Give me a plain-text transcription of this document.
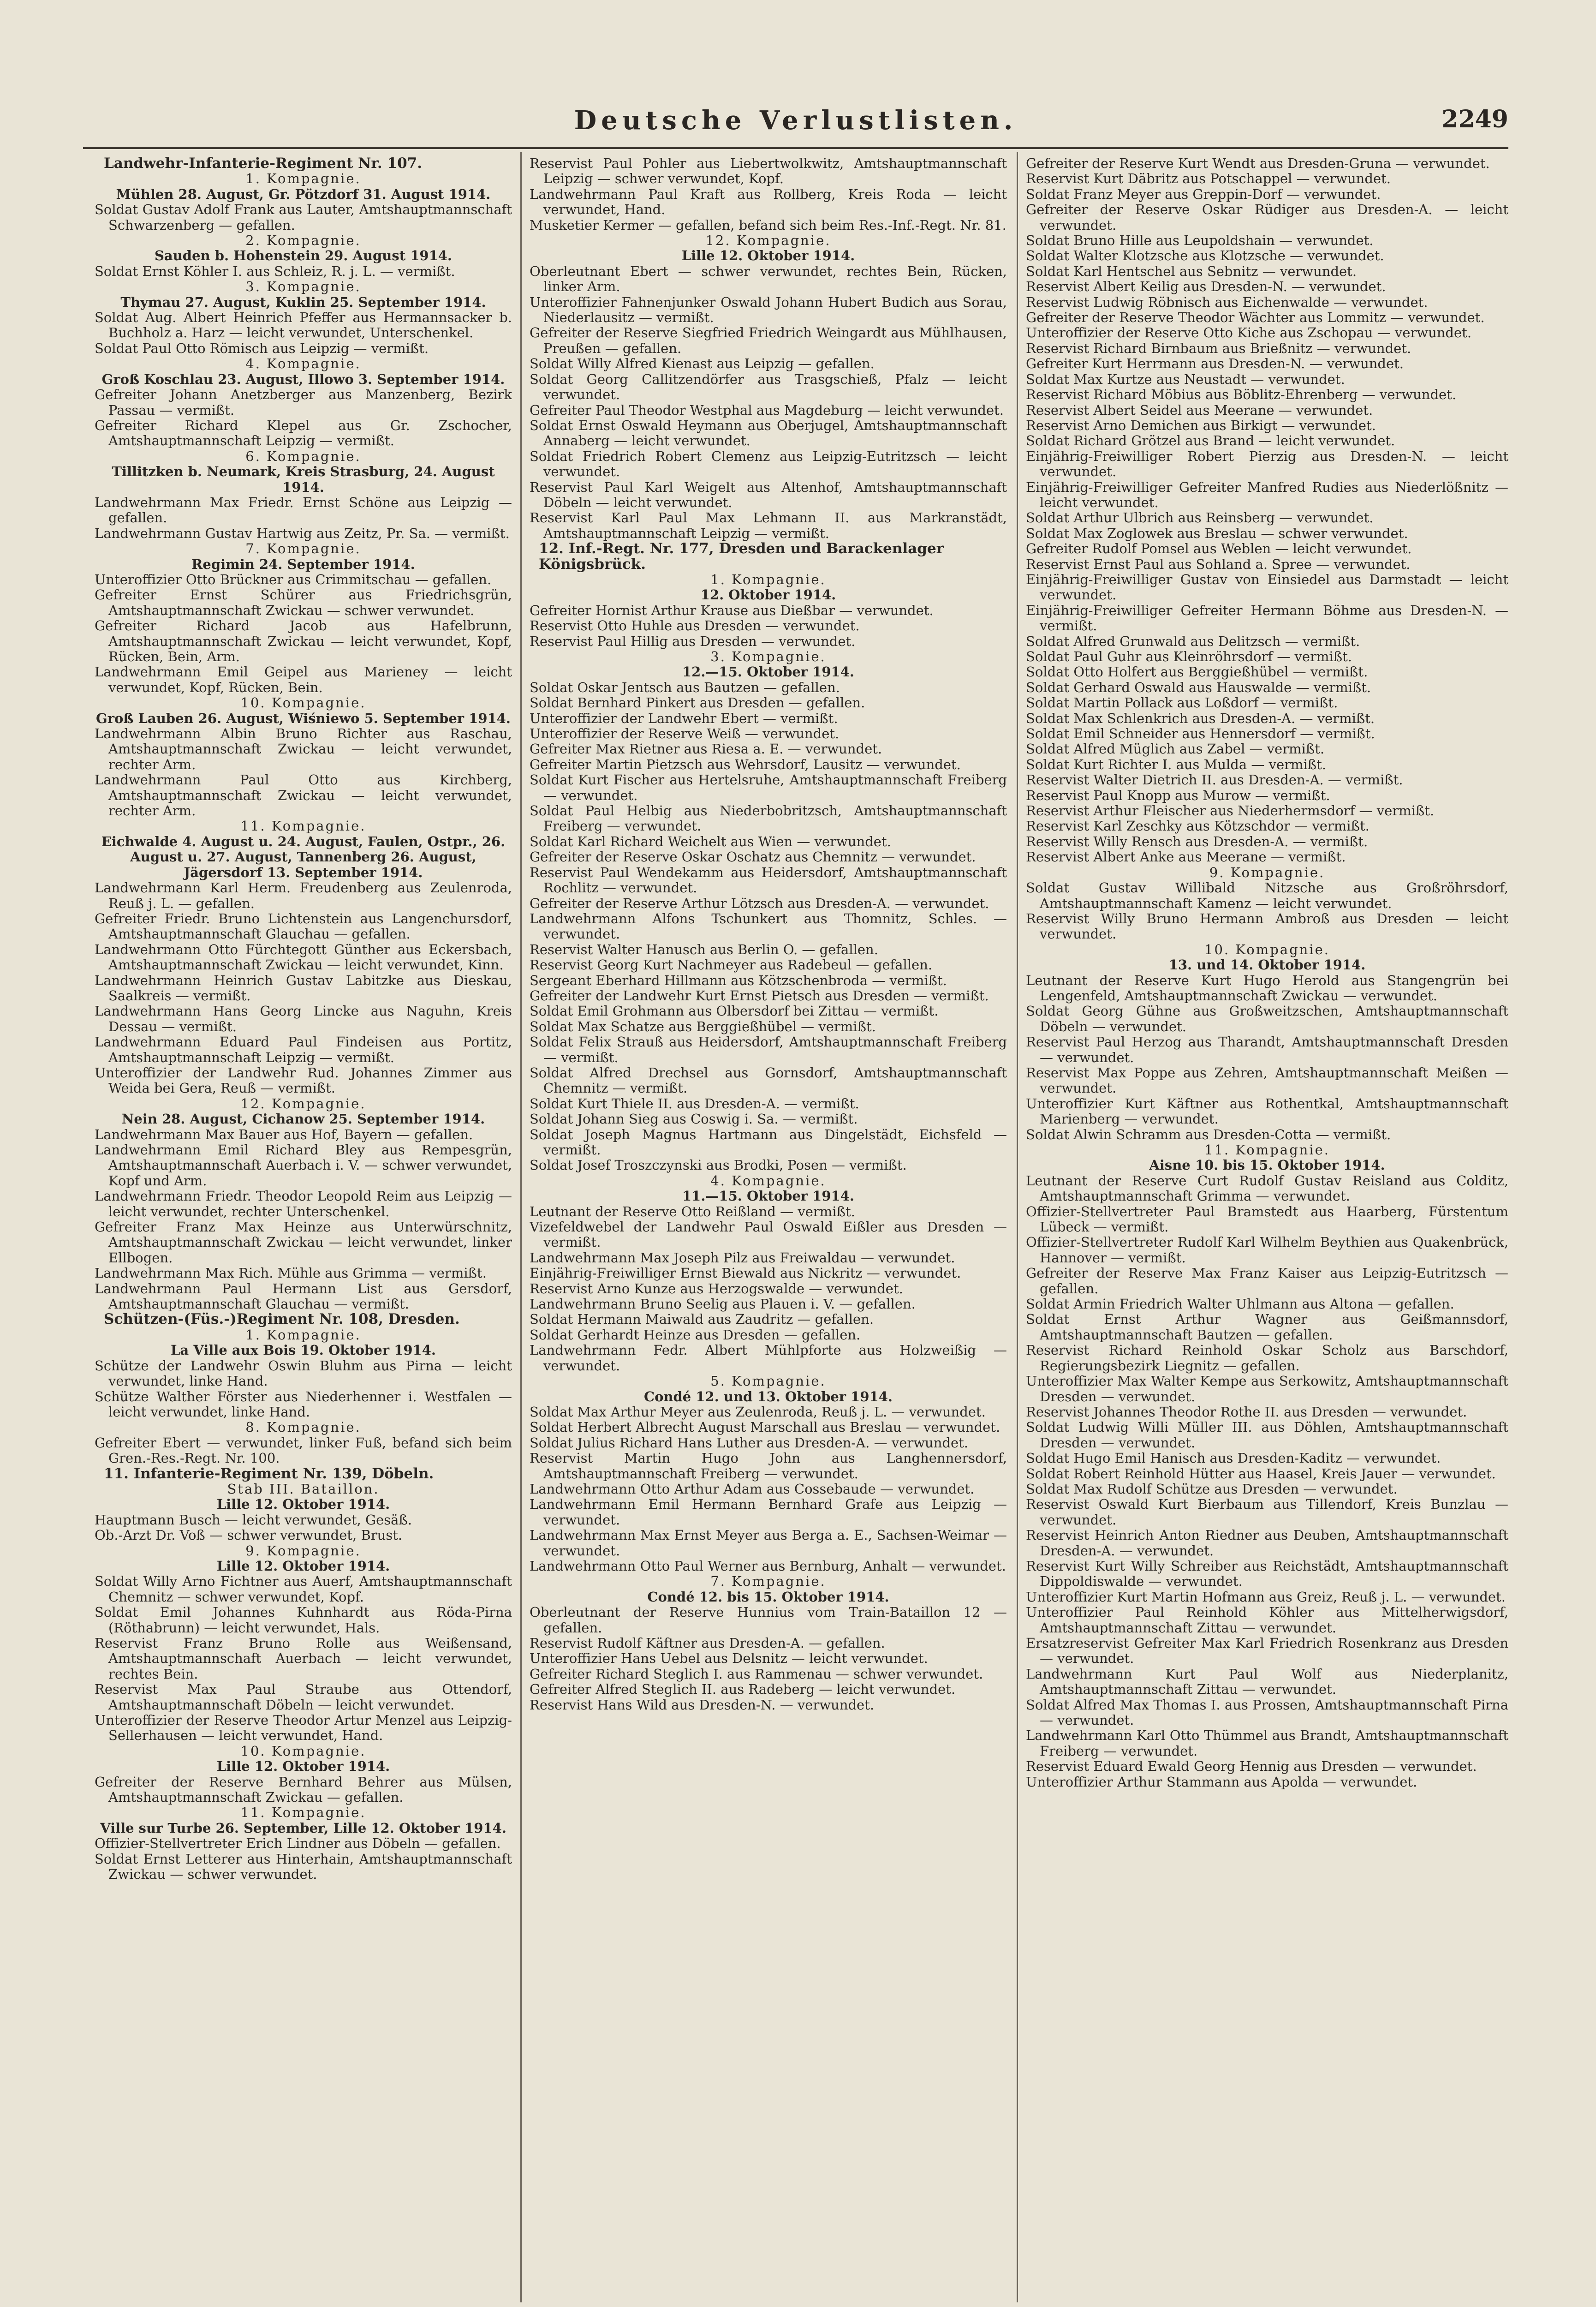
Deutsche Verlustlisten.	2249
Landwehr-Infanterie-Regiment Nr. 107.
1. Kompagnie.
Mühlen 28. August, Gr. Pötzdorf 31. August 1914.
Soldat Gustav Adolf Frank aus Lauter, Amtshauptmannschaft Schwarzenberg — gefallen.
2. Kompagnie.
Sauden b. Hohenstein 29. August 1914.
Soldat Ernst Köhler I. aus Schleiz, R. j. L. — vermißt.
3. Kompagnie.
Thymau 27. August, Kuklin 25. September 1914.
Soldat Aug. Albert Heinrich Pfeffer aus Hermannsacker b. Buchholz a. Harz — leicht verwundet, Unterschenkel.
Soldat Paul Otto Römisch aus Leipzig — vermißt.
4. Kompagnie.
Groß Koschlau 23. August, Illowo 3. September 1914.
Gefreiter Johann Anetzberger aus Manzenberg, Bezirk Passau — vermißt.
Gefreiter Richard Klepel aus Gr. Zschocher, Amtshauptmannschaft Leipzig — vermißt.
6. Kompagnie.
Tillitzken b. Neumark, Kreis Strasburg, 24. August 1914.
Landwehrmann Max Friedr. Ernst Schöne aus Leipzig — gefallen.
Landwehrmann Gustav Hartwig aus Zeitz, Pr. Sa. — vermißt.
7. Kompagnie.
Regimin 24. September 1914.
Unteroffizier Otto Brückner aus Crimmitschau — gefallen.
Gefreiter Ernst Schürer aus Friedrichsgrün, Amtshauptmannschaft Zwickau — schwer verwundet.
Gefreiter Richard Jacob aus Hafelbrunn, Amtshauptmannschaft Zwickau — leicht verwundet, Kopf, Rücken, Bein, Arm.
Landwehrmann Emil Geipel aus Marieney — leicht verwundet, Kopf, Rücken, Bein.
10. Kompagnie.
Groß Lauben 26. August, Wiśniewo 5. September 1914.
Landwehrmann Albin Bruno Richter aus Raschau, Amtshauptmannschaft Zwickau — leicht verwundet, rechter Arm.
Landwehrmann Paul Otto aus Kirchberg, Amtshauptmannschaft Zwickau — leicht verwundet, rechter Arm.
11. Kompagnie.
Eichwalde 4. August u. 24. August, Faulen, Ostpr., 26. August u. 27. August, Tannenberg 26. August, Jägersdorf 13. September 1914.
Landwehrmann Karl Herm. Freudenberg aus Zeulenroda, Reuß j. L. — gefallen.
Gefreiter Friedr. Bruno Lichtenstein aus Langenchursdorf, Amtshauptmannschaft Glauchau — gefallen.
Landwehrmann Otto Fürchtegott Günther aus Eckersbach, Amtshauptmannschaft Zwickau — leicht verwundet, Kinn.
Landwehrmann Heinrich Gustav Labitzke aus Dieskau, Saalkreis — vermißt.
Landwehrmann Hans Georg Lincke aus Naguhn, Kreis Dessau — vermißt.
Landwehrmann Eduard Paul Findeisen aus Portitz, Amtshauptmannschaft Leipzig — vermißt.
Unteroffizier der Landwehr Rud. Johannes Zimmer aus Weida bei Gera, Reuß — vermißt.
12. Kompagnie.
Nein 28. August, Cichanow 25. September 1914.
Landwehrmann Max Bauer aus Hof, Bayern — gefallen.
Landwehrmann Emil Richard Bley aus Rempesgrün, Amtshauptmannschaft Auerbach i. V. — schwer verwundet, Kopf und Arm.
Landwehrmann Friedr. Theodor Leopold Reim aus Leipzig — leicht verwundet, rechter Unterschenkel.
Gefreiter Franz Max Heinze aus Unterwürschnitz, Amtshauptmannschaft Zwickau — leicht verwundet, linker Ellbogen.
Landwehrmann Max Rich. Mühle aus Grimma — vermißt.
Landwehrmann Paul Hermann List aus Gersdorf, Amtshauptmannschaft Glauchau — vermißt.
Schützen-(Füs.-)Regiment Nr. 108, Dresden.
1. Kompagnie.
La Ville aux Bois 19. Oktober 1914.
Schütze der Landwehr Oswin Bluhm aus Pirna — leicht verwundet, linke Hand.
Schütze Walther Förster aus Niederhenner i. Westfalen — leicht verwundet, linke Hand.
8. Kompagnie.
Gefreiter Ebert — verwundet, linker Fuß, befand sich beim Gren.-Res.-Regt. Nr. 100.
11. Infanterie-Regiment Nr. 139, Döbeln.
Stab III. Bataillon.
Lille 12. Oktober 1914.
Hauptmann Busch — leicht verwundet, Gesäß.
Ob.-Arzt Dr. Voß — schwer verwundet, Brust.
9. Kompagnie.
Lille 12. Oktober 1914.
Soldat Willy Arno Fichtner aus Auerf, Amtshauptmannschaft Chemnitz — schwer verwundet, Kopf.
Soldat Emil Johannes Kuhnhardt aus Röda-Pirna (Röthabrunn) — leicht verwundet, Hals.
Reservist Franz Bruno Rolle aus Weißensand, Amtshauptmannschaft Auerbach — leicht verwundet, rechtes Bein.
Reservist Max Paul Straube aus Ottendorf, Amtshauptmannschaft Döbeln — leicht verwundet.
Unteroffizier der Reserve Theodor Artur Menzel aus Leipzig-Sellerhausen — leicht verwundet, Hand.
10. Kompagnie.
Lille 12. Oktober 1914.
Gefreiter der Reserve Bernhard Behrer aus Mülsen, Amtshauptmannschaft Zwickau — gefallen.
11. Kompagnie.
Ville sur Turbe 26. September, Lille 12. Oktober 1914.
Offizier-Stellvertreter Erich Lindner aus Döbeln — gefallen.
Soldat Ernst Letterer aus Hinterhain, Amtshauptmannschaft Zwickau — schwer verwundet.
Reservist Paul Pohler aus Liebertwolkwitz, Amtshauptmannschaft Leipzig — schwer verwundet, Kopf.
Landwehrmann Paul Kraft aus Rollberg, Kreis Roda — leicht verwundet, Hand.
Musketier Kermer — gefallen, befand sich beim Res.-Inf.-Regt. Nr. 81.
12. Kompagnie.
Lille 12. Oktober 1914.
Oberleutnant Ebert — schwer verwundet, rechtes Bein, Rücken, linker Arm.
Unteroffizier Fahnenjunker Oswald Johann Hubert Budich aus Sorau, Niederlausitz — vermißt.
Gefreiter der Reserve Siegfried Friedrich Weingardt aus Mühlhausen, Preußen — gefallen.
Soldat Willy Alfred Kienast aus Leipzig — gefallen.
Soldat Georg Callitzendörfer aus Trasgschieß, Pfalz — leicht verwundet.
Gefreiter Paul Theodor Westphal aus Magdeburg — leicht verwundet.
Soldat Ernst Oswald Heymann aus Oberjugel, Amtshauptmannschaft Annaberg — leicht verwundet.
Soldat Friedrich Robert Clemenz aus Leipzig-Eutritzsch — leicht verwundet.
Reservist Paul Karl Weigelt aus Altenhof, Amtshauptmannschaft Döbeln — leicht verwundet.
Reservist Karl Paul Max Lehmann II. aus Markranstädt, Amtshauptmannschaft Leipzig — vermißt.
12. Inf.-Regt. Nr. 177, Dresden und Barackenlager Königsbrück.
1. Kompagnie.
12. Oktober 1914.
Gefreiter Hornist Arthur Krause aus Dießbar — verwundet.
Reservist Otto Huhle aus Dresden — verwundet.
Reservist Paul Hillig aus Dresden — verwundet.
3. Kompagnie.
12.—15. Oktober 1914.
Soldat Oskar Jentsch aus Bautzen — gefallen.
Soldat Bernhard Pinkert aus Dresden — gefallen.
Unteroffizier der Landwehr Ebert — vermißt.
Unteroffizier der Reserve Weiß — verwundet.
Gefreiter Max Rietner aus Riesa a. E. — verwundet.
Gefreiter Martin Pietzsch aus Wehrsdorf, Lausitz — verwundet.
Soldat Kurt Fischer aus Hertelsruhe, Amtshauptmannschaft Freiberg — verwundet.
Soldat Paul Helbig aus Niederbobritzsch, Amtshauptmannschaft Freiberg — verwundet.
Soldat Karl Richard Weichelt aus Wien — verwundet.
Gefreiter der Reserve Oskar Oschatz aus Chemnitz — verwundet.
Reservist Paul Wendekamm aus Heidersdorf, Amtshauptmannschaft Rochlitz — verwundet.
Gefreiter der Reserve Arthur Lötzsch aus Dresden-A. — verwundet.
Landwehrmann Alfons Tschunkert aus Thomnitz, Schles. — verwundet.
Reservist Walter Hanusch aus Berlin O. — gefallen.
Reservist Georg Kurt Nachmeyer aus Radebeul — gefallen.
Sergeant Eberhard Hillmann aus Kötzschenbroda — vermißt.
Gefreiter der Landwehr Kurt Ernst Pietsch aus Dresden — vermißt.
Soldat Emil Grohmann aus Olbersdorf bei Zittau — vermißt.
Soldat Max Schatze aus Berggießhübel — vermißt.
Soldat Felix Strauß aus Heidersdorf, Amtshauptmannschaft Freiberg — vermißt.
Soldat Alfred Drechsel aus Gornsdorf, Amtshauptmannschaft Chemnitz — vermißt.
Soldat Kurt Thiele II. aus Dresden-A. — vermißt.
Soldat Johann Sieg aus Coswig i. Sa. — vermißt.
Soldat Joseph Magnus Hartmann aus Dingelstädt, Eichsfeld — vermißt.
Soldat Josef Troszczynski aus Brodki, Posen — vermißt.
4. Kompagnie.
11.—15. Oktober 1914.
Leutnant der Reserve Otto Reißland — vermißt.
Vizefeldwebel der Landwehr Paul Oswald Eißler aus Dresden — vermißt.
Landwehrmann Max Joseph Pilz aus Freiwaldau — verwundet.
Einjährig-Freiwilliger Ernst Biewald aus Nickritz — verwundet.
Reservist Arno Kunze aus Herzogswalde — verwundet.
Landwehrmann Bruno Seelig aus Plauen i. V. — gefallen.
Soldat Hermann Maiwald aus Zaudritz — gefallen.
Soldat Gerhardt Heinze aus Dresden — gefallen.
Landwehrmann Fedr. Albert Mühlpforte aus Holzweißig — verwundet.
5. Kompagnie.
Condé 12. und 13. Oktober 1914.
Soldat Max Arthur Meyer aus Zeulenroda, Reuß j. L. — verwundet.
Soldat Herbert Albrecht August Marschall aus Breslau — verwundet.
Soldat Julius Richard Hans Luther aus Dresden-A. — verwundet.
Reservist Martin Hugo John aus Langhennersdorf, Amtshauptmannschaft Freiberg — verwundet.
Landwehrmann Otto Arthur Adam aus Cossebaude — verwundet.
Landwehrmann Emil Hermann Bernhard Grafe aus Leipzig — verwundet.
Landwehrmann Max Ernst Meyer aus Berga a. E., Sachsen-Weimar — verwundet.
Landwehrmann Otto Paul Werner aus Bernburg, Anhalt — verwundet.
7. Kompagnie.
Condé 12. bis 15. Oktober 1914.
Oberleutnant der Reserve Hunnius vom Train-Bataillon 12 — gefallen.
Reservist Rudolf Käftner aus Dresden-A. — gefallen.
Unteroffizier Hans Uebel aus Delsnitz — leicht verwundet.
Gefreiter Richard Steglich I. aus Rammenau — schwer verwundet.
Gefreiter Alfred Steglich II. aus Radeberg — leicht verwundet.
Reservist Hans Wild aus Dresden-N. — verwundet.
Gefreiter der Reserve Kurt Wendt aus Dresden-Gruna — verwundet.
Reservist Kurt Däbritz aus Potschappel — verwundet.
Soldat Franz Meyer aus Greppin-Dorf — verwundet.
Gefreiter der Reserve Oskar Rüdiger aus Dresden-A. — leicht verwundet.
Soldat Bruno Hille aus Leupoldshain — verwundet.
Soldat Walter Klotzsche aus Klotzsche — verwundet.
Soldat Karl Hentschel aus Sebnitz — verwundet.
Reservist Albert Keilig aus Dresden-N. — verwundet.
Reservist Ludwig Röbnisch aus Eichenwalde — verwundet.
Gefreiter der Reserve Theodor Wächter aus Lommitz — verwundet.
Unteroffizier der Reserve Otto Kiche aus Zschopau — verwundet.
Reservist Richard Birnbaum aus Brießnitz — verwundet.
Gefreiter Kurt Herrmann aus Dresden-N. — verwundet.
Soldat Max Kurtze aus Neustadt — verwundet.
Reservist Richard Möbius aus Böblitz-Ehrenberg — verwundet.
Reservist Albert Seidel aus Meerane — verwundet.
Reservist Arno Demichen aus Birkigt — verwundet.
Soldat Richard Grötzel aus Brand — leicht verwundet.
Einjährig-Freiwilliger Robert Pierzig aus Dresden-N. — leicht verwundet.
Einjährig-Freiwilliger Gefreiter Manfred Rudies aus Niederlößnitz — leicht verwundet.
Soldat Arthur Ulbrich aus Reinsberg — verwundet.
Soldat Max Zoglowek aus Breslau — schwer verwundet.
Gefreiter Rudolf Pomsel aus Weblen — leicht verwundet.
Reservist Ernst Paul aus Sohland a. Spree — verwundet.
Einjährig-Freiwilliger Gustav von Einsiedel aus Darmstadt — leicht verwundet.
Einjährig-Freiwilliger Gefreiter Hermann Böhme aus Dresden-N. — vermißt.
Soldat Alfred Grunwald aus Delitzsch — vermißt.
Soldat Paul Guhr aus Kleinröhrsdorf — vermißt.
Soldat Otto Holfert aus Berggießhübel — vermißt.
Soldat Gerhard Oswald aus Hauswalde — vermißt.
Soldat Martin Pollack aus Loßdorf — vermißt.
Soldat Max Schlenkrich aus Dresden-A. — vermißt.
Soldat Emil Schneider aus Hennersdorf — vermißt.
Soldat Alfred Müglich aus Zabel — vermißt.
Soldat Kurt Richter I. aus Mulda — vermißt.
Reservist Walter Dietrich II. aus Dresden-A. — vermißt.
Reservist Paul Knopp aus Murow — vermißt.
Reservist Arthur Fleischer aus Niederhermsdorf — vermißt.
Reservist Karl Zeschky aus Kötzschdor — vermißt.
Reservist Willy Rensch aus Dresden-A. — vermißt.
Reservist Albert Anke aus Meerane — vermißt.
9. Kompagnie.
Soldat Gustav Willibald Nitzsche aus Großröhrsdorf, Amtshauptmannschaft Kamenz — leicht verwundet.
Reservist Willy Bruno Hermann Ambroß aus Dresden — leicht verwundet.
10. Kompagnie.
13. und 14. Oktober 1914.
Leutnant der Reserve Kurt Hugo Herold aus Stangengrün bei Lengenfeld, Amtshauptmannschaft Zwickau — verwundet.
Soldat Georg Gühne aus Großweitzschen, Amtshauptmannschaft Döbeln — verwundet.
Reservist Paul Herzog aus Tharandt, Amtshauptmannschaft Dresden — verwundet.
Reservist Max Poppe aus Zehren, Amtshauptmannschaft Meißen — verwundet.
Unteroffizier Kurt Käftner aus Rothentkal, Amtshauptmannschaft Marienberg — verwundet.
Soldat Alwin Schramm aus Dresden-Cotta — vermißt.
11. Kompagnie.
Aisne 10. bis 15. Oktober 1914.
Leutnant der Reserve Curt Rudolf Gustav Reisland aus Colditz, Amtshauptmannschaft Grimma — verwundet.
Offizier-Stellvertreter Paul Bramstedt aus Haarberg, Fürstentum Lübeck — vermißt.
Offizier-Stellvertreter Rudolf Karl Wilhelm Beythien aus Quakenbrück, Hannover — vermißt.
Gefreiter der Reserve Max Franz Kaiser aus Leipzig-Eutritzsch — gefallen.
Soldat Armin Friedrich Walter Uhlmann aus Altona — gefallen.
Soldat Ernst Arthur Wagner aus Geißmannsdorf, Amtshauptmannschaft Bautzen — gefallen.
Reservist Richard Reinhold Oskar Scholz aus Barschdorf, Regierungsbezirk Liegnitz — gefallen.
Unteroffizier Max Walter Kempe aus Serkowitz, Amtshauptmannschaft Dresden — verwundet.
Reservist Johannes Theodor Rothe II. aus Dresden — verwundet.
Soldat Ludwig Willi Müller III. aus Döhlen, Amtshauptmannschaft Dresden — verwundet.
Soldat Hugo Emil Hanisch aus Dresden-Kaditz — verwundet.
Soldat Robert Reinhold Hütter aus Haasel, Kreis Jauer — verwundet.
Soldat Max Rudolf Schütze aus Dresden — verwundet.
Reservist Oswald Kurt Bierbaum aus Tillendorf, Kreis Bunzlau — verwundet.
Reservist Heinrich Anton Riedner aus Deuben, Amtshauptmannschaft Dresden-A. — verwundet.
Reservist Kurt Willy Schreiber aus Reichstädt, Amtshauptmannschaft Dippoldiswalde — verwundet.
Unteroffizier Kurt Martin Hofmann aus Greiz, Reuß j. L. — verwundet.
Unteroffizier Paul Reinhold Köhler aus Mittelherwigsdorf, Amtshauptmannschaft Zittau — verwundet.
Ersatzreservist Gefreiter Max Karl Friedrich Rosenkranz aus Dresden — verwundet.
Landwehrmann Kurt Paul Wolf aus Niederplanitz, Amtshauptmannschaft Zittau — verwundet.
Soldat Alfred Max Thomas I. aus Prossen, Amtshauptmannschaft Pirna — verwundet.
Landwehrmann Karl Otto Thümmel aus Brandt, Amtshauptmannschaft Freiberg — verwundet.
Reservist Eduard Ewald Georg Hennig aus Dresden — verwundet.
Unteroffizier Arthur Stammann aus Apolda — verwundet.
